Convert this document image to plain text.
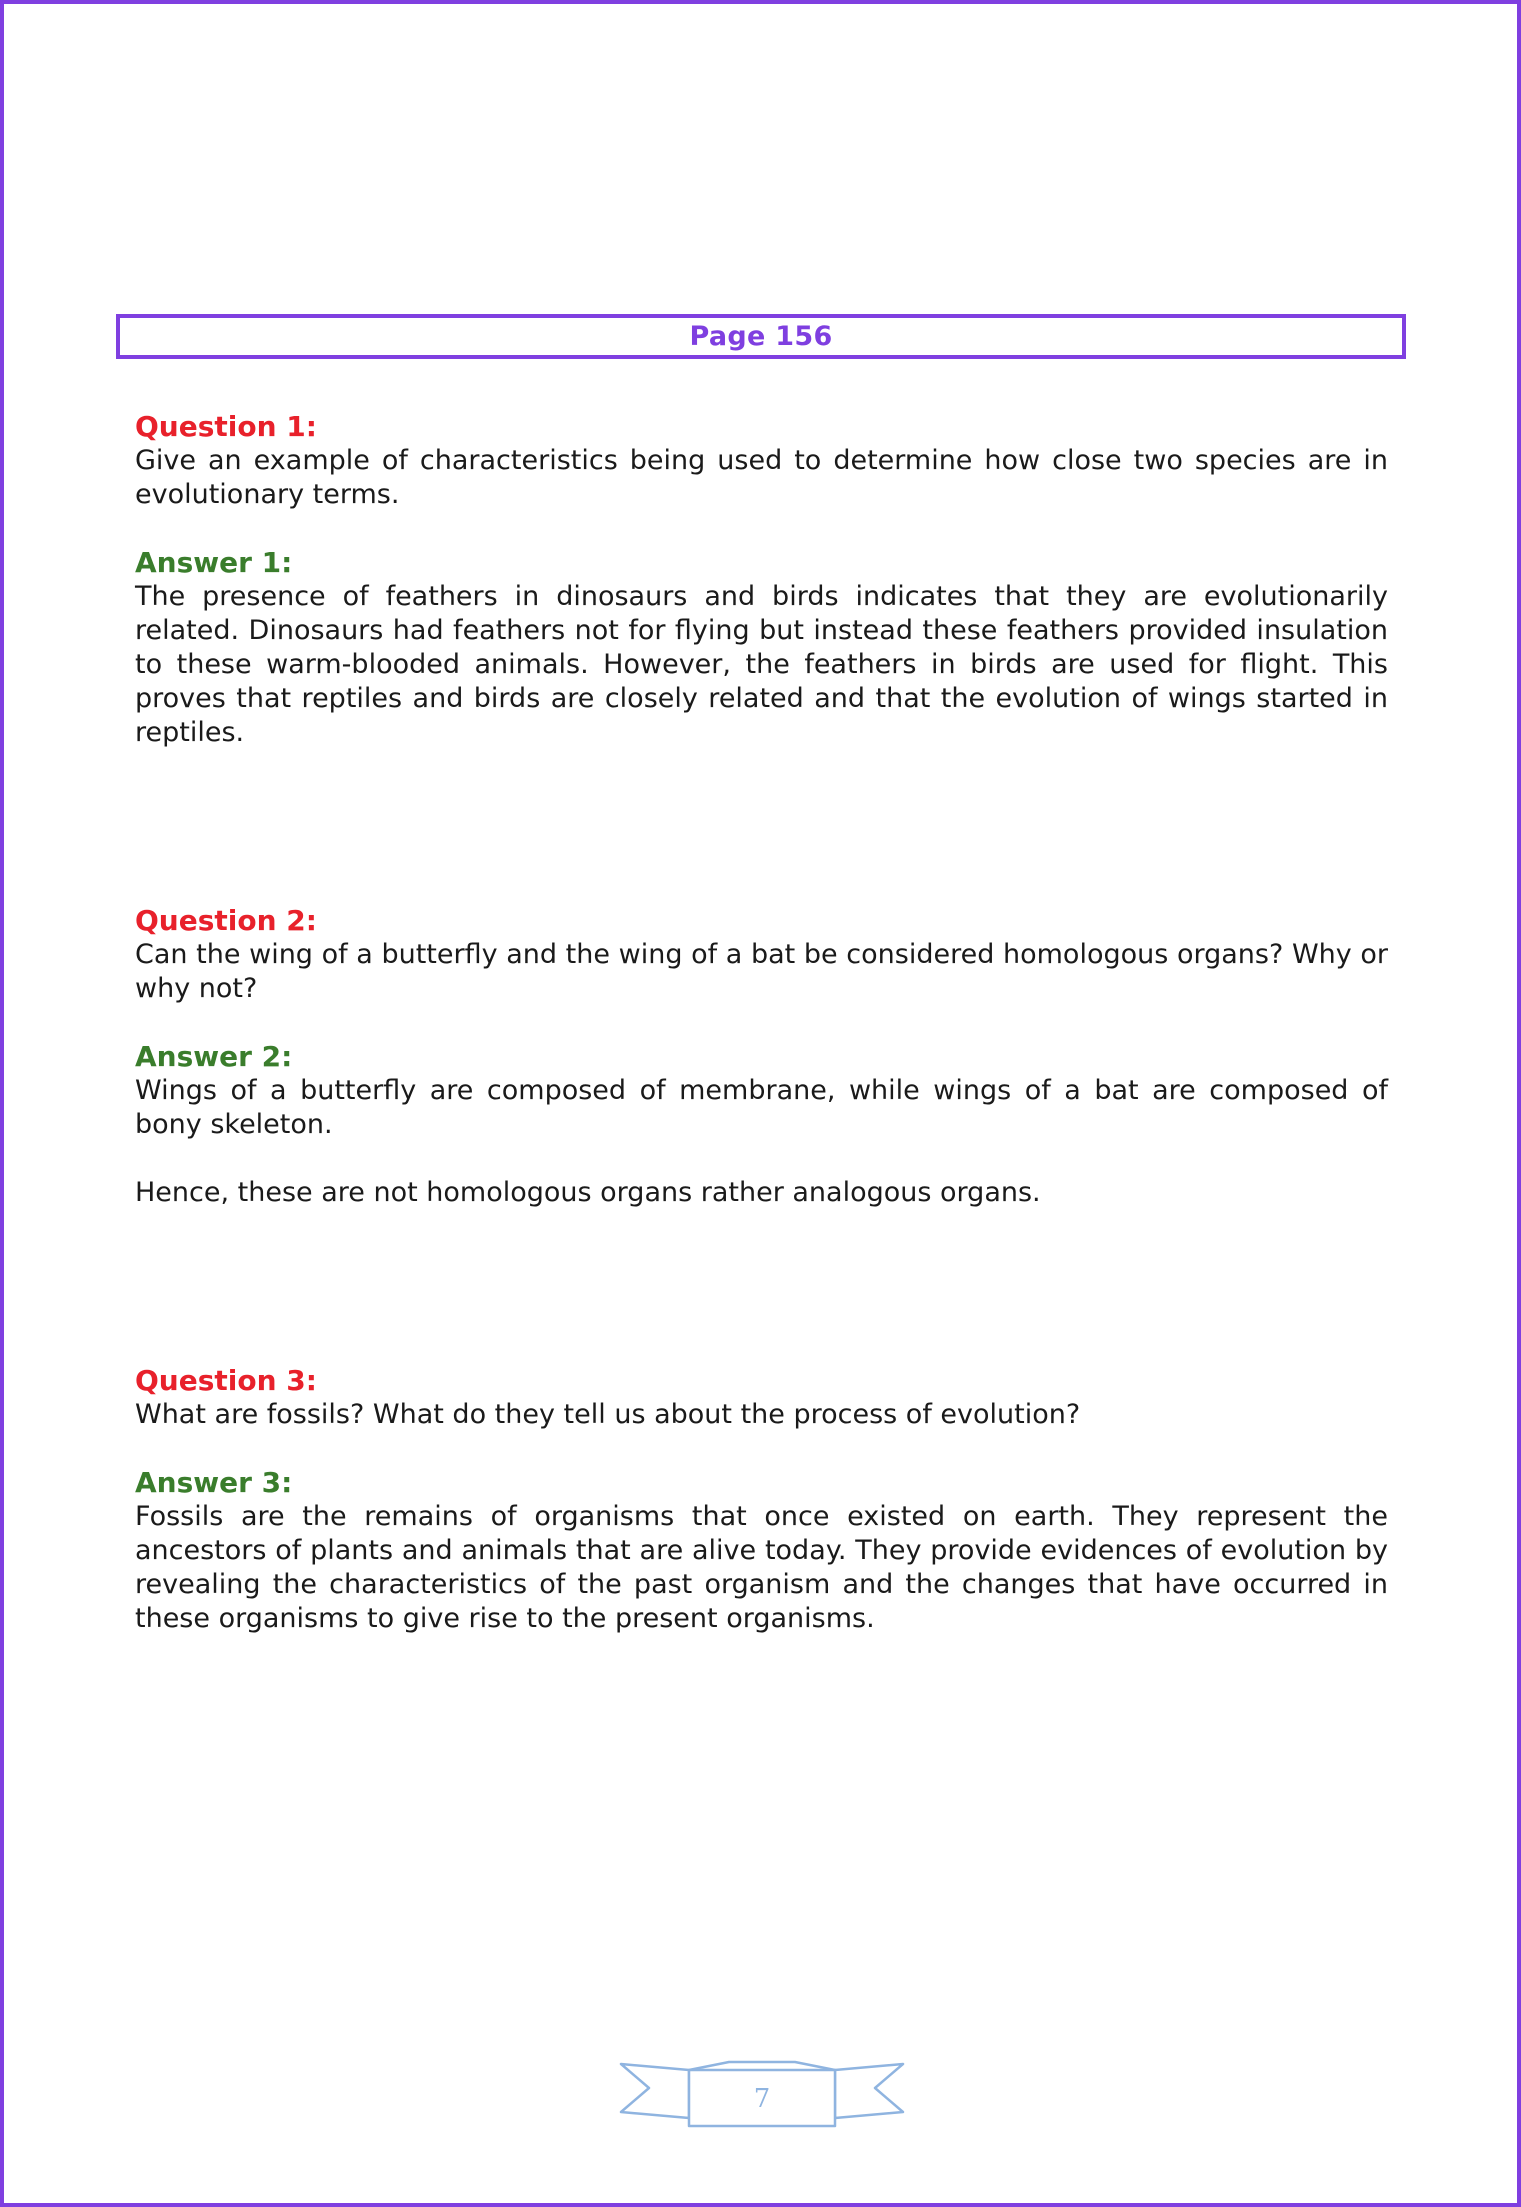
Page 156
Question 1:
Give an example of characteristics being used to determine how close two species are in evolutionary terms.
Answer 1:
The presence of feathers in dinosaurs and birds indicates that they are evolutionarily related. Dinosaurs had feathers not for flying but instead these feathers provided insulation to these warm-blooded animals. However, the feathers in birds are used for flight. This proves that reptiles and birds are closely related and that the evolution of wings started in reptiles.
Question 2:
Can the wing of a butterfly and the wing of a bat be considered homologous organs? Why or why not?
Answer 2:
Wings of a butterfly are composed of membrane, while wings of a bat are composed of bony skeleton.
Hence, these are not homologous organs rather analogous organs.
Question 3:
What are fossils? What do they tell us about the process of evolution?
Answer 3:
Fossils are the remains of organisms that once existed on earth. They represent the ancestors of plants and animals that are alive today. They provide evidences of evolution by revealing the characteristics of the past organism and the changes that have occurred in these organisms to give rise to the present organisms.
7
